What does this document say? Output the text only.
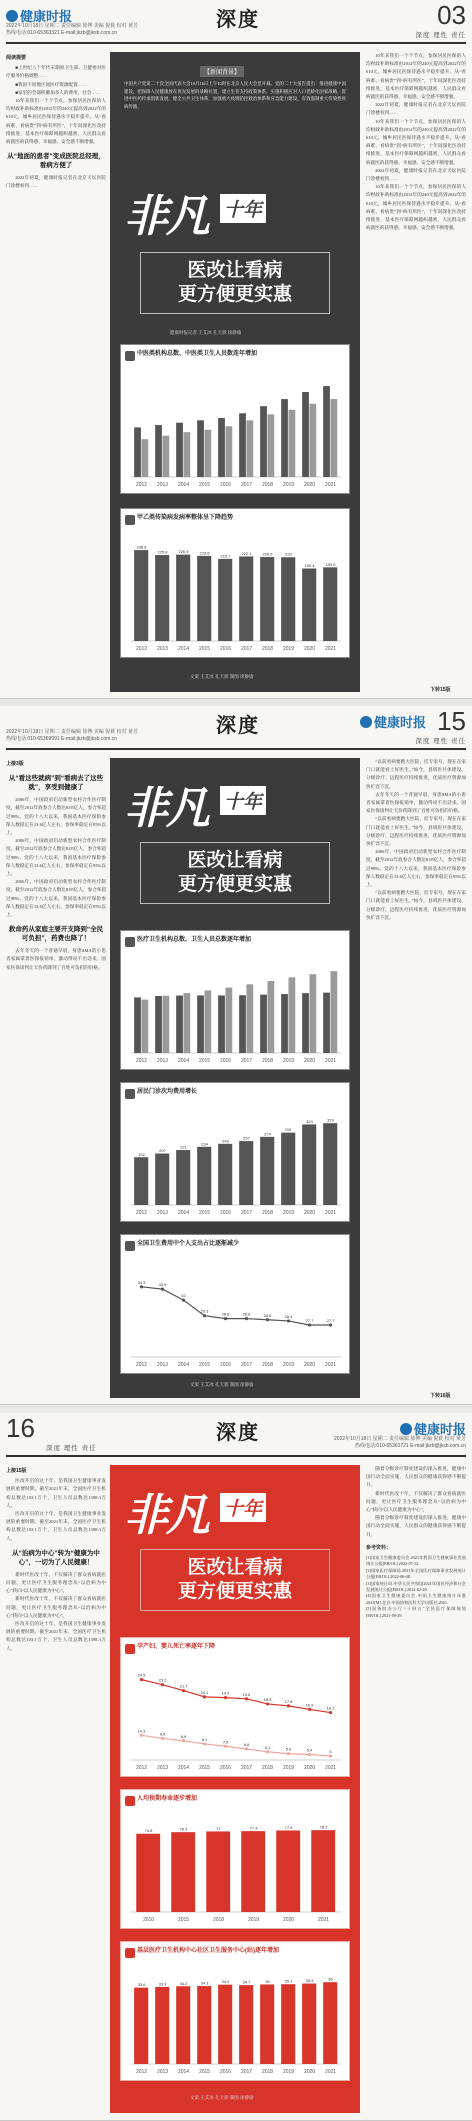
健康时报	深度	03
2022年10月18日 星期二 责任编辑 徐博 美编 倪筱 校对 黄芳
热线电话:010-65363321 E-mail:jkzb@jksb.com.cn	深度 理性 责任
阅读提要
■上世纪八十年代末期原卫生部、卫健委对医疗服务价格调整……
■我国不同地区间医疗资源配置……
■家里的全部积蓄加多人的费用，社会……
10年来我们一个个节点，参保居民医保的人均财政补助标准由2012年的240元提高到2022年的610元，城乡居民医保待遇水平稳步提升。从“看病难、看病贵”到“病有所医”，十年间深化医改持续推进，基本医疗保障网越织越密，人民群众看病就医的获得感、幸福感、安全感不断增强。
从“地面的患者”变成医院总经理，看病方便了
2022年初夏，健康时报记者在北京天坛医院门诊楼看到……
【新闻背景】
中国共产党第二十次全国代表大会10月16日上午10时在北京人民大会堂开幕。党的二十大报告提出：推进健康中国建设，把保障人民健康放在优先发展的战略位置，建立生育支持政策体系，实施积极应对人口老龄化国家战略，促进中医药传承创新发展，健全公共卫生体系，加强重大疫情防控救治体系和应急能力建设，有效遏制重大传染性疾病传播。
非凡 十年
医改让看病
更方便更实惠
健康时报记者 王艾冰 孔天骄 徐静瑜
中医类机构总数、中医类卫生人员数连年增加
2012 2013 2014 2015 2016 2017 2018 2019 2020 2021
甲乙类传染病发病率整体呈下降趋势
2012 2013 2014 2015 2016 2017 2018 2019 2020 2021
238.8
225.8	226.9	223.6
215.7	222.1	220.5	220
190.4	193.5
文案 王艾冰 孔天骄 制图 徐静瑜
10年来我们一个个节点，参保居民医保的人均财政补助标准由2012年的240元提高到2022年的610元，城乡居民医保待遇水平稳步提升。从“看病难、看病贵”到“病有所医”，十年间深化医改持续推进，基本医疗保障网越织越密，人民群众看病就医的获得感、幸福感、安全感不断增强。
2022年初夏，健康时报记者在北京天坛医院门诊楼看到……
10年来我们一个个节点，参保居民医保的人均财政补助标准由2012年的240元提高到2022年的610元，城乡居民医保待遇水平稳步提升。从“看病难、看病贵”到“病有所医”，十年间深化医改持续推进，基本医疗保障网越织越密，人民群众看病就医的获得感、幸福感、安全感不断增强。
2022年初夏，健康时报记者在北京天坛医院门诊楼看到……
10年来我们一个个节点，参保居民医保的人均财政补助标准由2012年的240元提高到2022年的610元，城乡居民医保待遇水平稳步提升。从“看病难、看病贵”到“病有所医”，十年间深化医改持续推进，基本医疗保障网越织越密，人民群众看病就医的获得感、幸福感、安全感不断增强。
下转15版
深度	健康时报 15
2022年10月18日 星期二 责任编辑 徐博 美编 倪筱 校对 黄芳
热线电话:010-65369991 E-mail:jkzb@jksb.com.cn	深度 理性 责任
上接3版
从“看这些就病”到“看病去了这些就”，享受到健康了
2006年，中国政府启动新型农村合作医疗制度，截至2012年底参合人数达8.05亿人，参合率超过98%。党的十八大以来，我国基本医疗保险参保人数稳定在13.6亿人左右，参保率稳定在95%以上。
2006年，中国政府启动新型农村合作医疗制度，截至2012年底参合人数达8.05亿人，参合率超过98%。党的十八大以来，我国基本医疗保险参保人数稳定在13.6亿人左右，参保率稳定在95%以上。
2006年，中国政府启动新型农村合作医疗制度，截至2012年底参合人数达8.05亿人，参合率超过98%。党的十八大以来，我国基本医疗保险参保人数稳定在13.6亿人左右，参保率稳定在95%以上。
救命药从家庭主要开支降到“全民可负担”，药费也降了！
去年冬天的一个普通早晨，身患SMA的小患者家属拿着医保报销单，激动得说不出话来。国家医保谈判让天价药降到了百姓可负担的价格。
非凡 十年
医改让看病
更方便更实惠
医疗卫生机构总数、卫生人员总数逐年增加
2012 2013 2014 2015 2016 2017 2018 2019 2020 2021
居民门诊次均费用增长
2012 2013 2014 2015 2016 2017 2018 2019 2020 2021
192
207
221
234
246
257
274
291
324	329
全国卫生费用中个人支出占比逐渐减少
2012 2013 2014 2015 2016 2017 2018 2019 2020 2021
34.3	33.9
32
29.3
28.8	28.8	28.6	28.4
27.7	27.7
文案 王艾冰 孔天骄 制图 徐静瑜
“以前看病要跑大医院、挂专家号，现在在家门口就能看上好医生。”如今，县域医共体建设、分级诊疗、远程医疗持续推进，优质医疗资源加快扩容下沉。
去年冬天的一个普通早晨，身患SMA的小患者家属拿着医保报销单，激动得说不出话来。国家医保谈判让天价药降到了百姓可负担的价格。
“以前看病要跑大医院、挂专家号，现在在家门口就能看上好医生。”如今，县域医共体建设、分级诊疗、远程医疗持续推进，优质医疗资源加快扩容下沉。
2006年，中国政府启动新型农村合作医疗制度，截至2012年底参合人数达8.05亿人，参合率超过98%。党的十八大以来，我国基本医疗保险参保人数稳定在13.6亿人左右，参保率稳定在95%以上。
“以前看病要跑大医院、挂专家号，现在在家门口就能看上好医生。”如今，县域医共体建设、分级诊疗、远程医疗持续推进，优质医疗资源加快扩容下沉。
下转16版
16	深度	健康时报
2022年10月18日 星期二 责任编辑 徐博 美编 倪筱 校对 黄芳
热线电话:010-65363721 E-mail:jkzb@jksb.com.cn
深度 理性 责任
上接15版
医改开启的这十年，是我国卫生健康事业发展的重要时期。截至2021年末，全国医疗卫生机构总数达103.1万个，卫生人员总数达1398.3万人。
医改开启的这十年，是我国卫生健康事业发展的重要时期。截至2021年末，全国医疗卫生机构总数达103.1万个，卫生人员总数达1398.3万人。
从“治病为中心”转为“健康为中心”，一切为了人民健康！
新时代医改十年，不仅解决了群众看病就医问题，更让医疗卫生服务理念从“以治病为中心”转向“以人民健康为中心”。
新时代医改十年，不仅解决了群众看病就医问题，更让医疗卫生服务理念从“以治病为中心”转向“以人民健康为中心”。
医改开启的这十年，是我国卫生健康事业发展的重要时期。截至2021年末，全国医疗卫生机构总数达103.1万个，卫生人员总数达1398.3万人。
非凡 十年
医改让看病
更方便更实惠
孕产妇、婴儿死亡率逐年下降
2012 2013 2014 2015 2016 2017 2018 2019 2020 2021
24.5
23.2
21.7
20.1	19.9	19.6
18.3	17.8
16.9
16.1
10.3
9.5	8.9
8.1	7.5
6.8
6.1	5.6	5.4	5
人均预期寿命逐步增加
2010	2015	2018	2019	2020	2021
74.8	76.3	77	77.3	77.9	78.2
基层医疗卫生机构中心社区卫生服务中心(站)逐年增加
2012 2013 2014 2015 2016 2017 2018 2019 2020 2021
33.6	33.9	34.2	34.3	34.9	34.7	35	35.1	35.4	36
文案 王艾冰 孔天骄 制图 徐静瑜
随着分级诊疗制度建设的深入推进，健康中国行动全面实施，人民群众的健康获得感不断提升。
新时代医改十年，不仅解决了群众看病就医问题，更让医疗卫生服务理念从“以治病为中心”转向“以人民健康为中心”。
随着分级诊疗制度建设的深入推进，健康中国行动全面实施，人民群众的健康获得感不断提升。
参考资料：
[1]国家卫生健康委员会.2021年我国卫生健康事业发展统计公报[EB/OL].2022-07-12.
[2]国家医疗保障局.2021年全国医疗保障事业发展统计公报[EB/OL].2022-06-08.
[3]国家统计局.中华人民共和国2021年国民经济和社会发展统计公报[EB/OL].2022-02-28.
[4]国家卫生健康委员会.中国卫生健康统计年鉴2021[M].北京:中国协和医科大学出版社,2021.
[5]国务院办公厅.“十四五”全民医疗保障规划[EB/OL].2021-09-29.
